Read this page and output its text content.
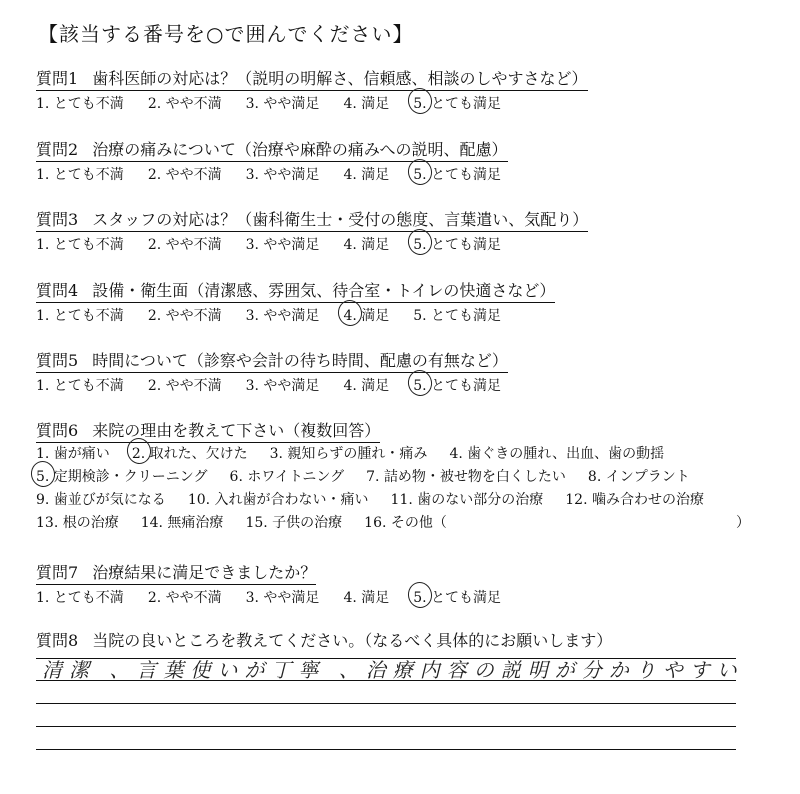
【該当する番号を○で囲んでください】
質問1 歯科医師の対応は？（説明の明解さ、信頼感、相談のしやすさなど）
1. とても不満 2. やや不満 3. やや満足 4. 満足 5. とても満足
質問2 治療の痛みについて（治療や麻酔の痛みへの説明、配慮）
1. とても不満 2. やや不満 3. やや満足 4. 満足 5. とても満足
質問3 スタッフの対応は？（歯科衛生士・受付の態度、言葉遣い、気配り）
1. とても不満 2. やや不満 3. やや満足 4. 満足 5. とても満足
質問4 設備・衛生面（清潔感、雰囲気、待合室・トイレの快適さなど）
1. とても不満 2. やや不満 3. やや満足 4. 満足 5. とても満足
質問5 時間について（診察や会計の待ち時間、配慮の有無など）
1. とても不満 2. やや不満 3. やや満足 4. 満足 5. とても満足
質問6 来院の理由を教えて下さい（複数回答）
1. 歯が痛い 2. 取れた、欠けた 3. 親知らずの腫れ・痛み 4. 歯ぐきの腫れ、出血、歯の動揺
5. 定期検診・クリーニング 6. ホワイトニング 7. 詰め物・被せ物を白くしたい 8. インプラント
9. 歯並びが気になる 10. 入れ歯が合わない・痛い 11. 歯のない部分の治療 12. 噛み合わせの治療
13. 根の治療 14. 無痛治療 15. 子供の治療 16. その他（	）
質問7 治療結果に満足できましたか？
1. とても不満 2. やや不満 3. やや満足 4. 満足 5. とても満足
質問8 当院の良いところを教えてください。（なるべく具体的にお願いします）
清潔 、言葉使いが丁寧 、治療内容の説明が分かりやすい
